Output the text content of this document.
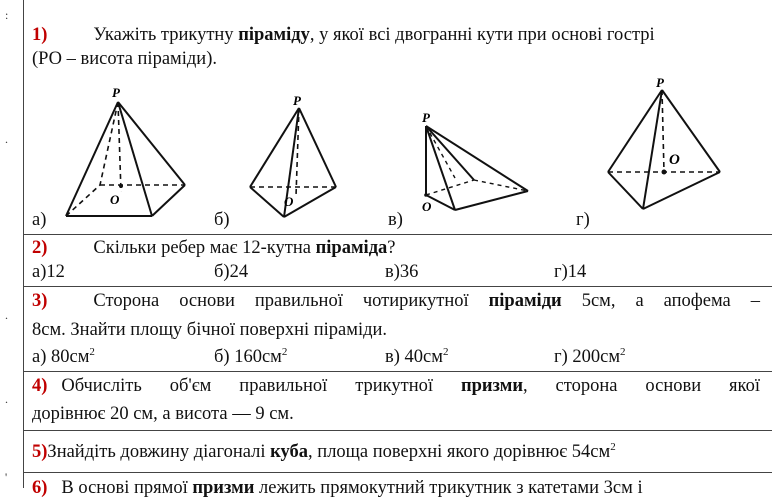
:
.
.
.
'
1) Укажіть трикутну піраміду, у якої всі двогранні кути при основі гострі
(РО – висота піраміди).
P
O
P
O
P
O
P
O
а)	б)	в)	г)
2) Скільки ребер має 12-кутна піраміда?
а)12	б)24	в)36	г)14
3) Сторона основи правильної чотирикутної піраміди 5см, а апофема –
8см. Знайти площу бічної поверхні піраміди.
а) $80см^2$	б) $160см^2$	в) $40см^2$	г) $200см^2$
4) Обчисліть об'єм правильної трикутної призми, сторона основи якої
дорівнює 20 см, а висота — 9 см.
5)Знайдіть довжину діагоналі куба, площа поверхні якого дорівнює $54см^2$
6) В основі прямої призми лежить прямокутний трикутник з катетами 3см і
